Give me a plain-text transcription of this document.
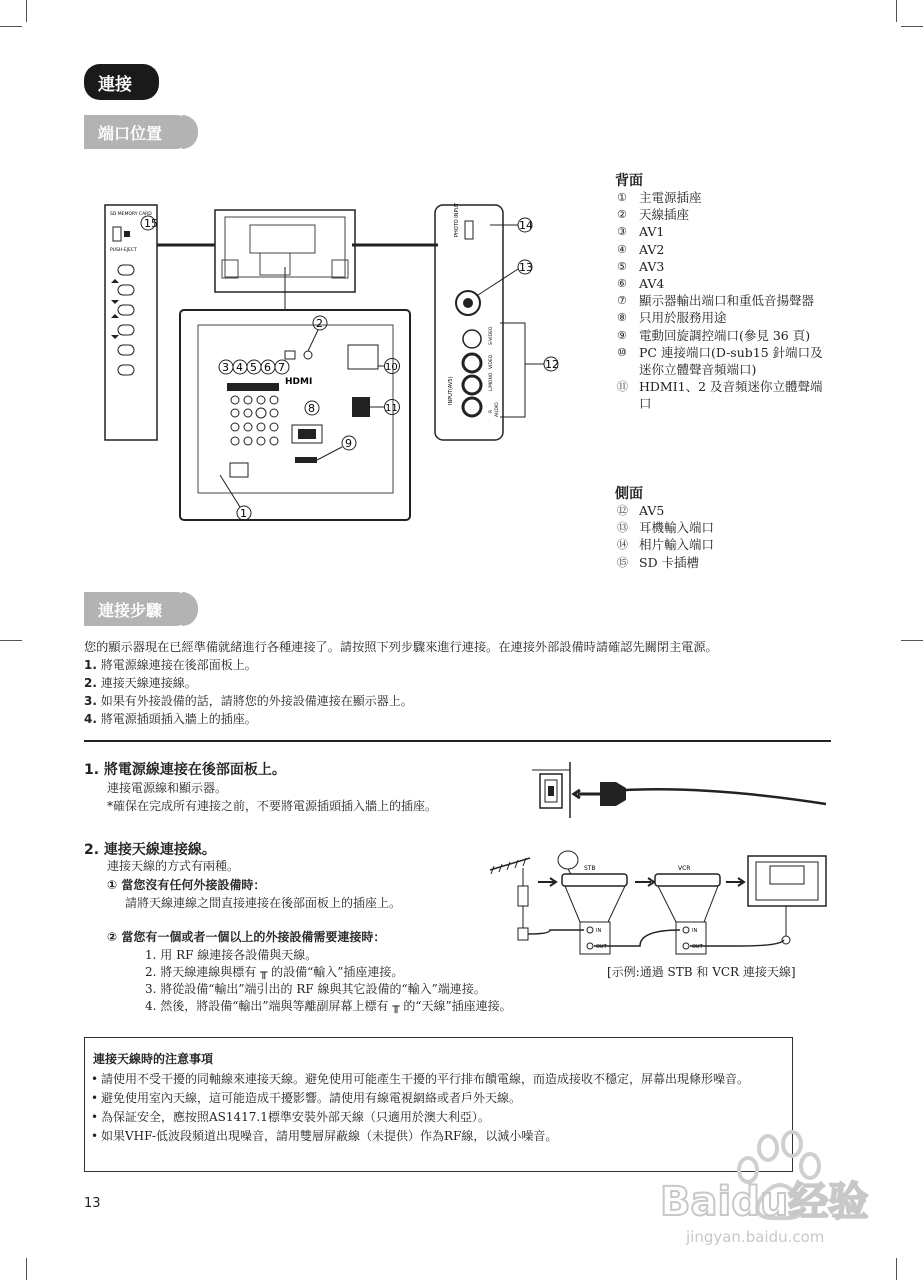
連接
端口位置
SD MEMORY CARD
PUSH-EJECT
15	PHOTO INPUT
INPUT(AV5)
S-VIDEO
VIDEO
L/MONO
R AUDIO
14
13
12
2
HDMI
3 4 5 6 7
8
9
10
11
1
背面
① 主電源插座
② 天線插座
③ AV1
④ AV2
⑤ AV3
⑥ AV4
⑦ 顯示器輸出端口和重低音揚聲器
⑧ 只用於服務用途
⑨ 電動回旋調控端口(參見 36 頁)
⑩ PC 連接端口(D-sub15 針端口及迷你立體聲音頻端口)
⑪ HDMI1、2 及音頻迷你立體聲端口
側面
⑫ AV5
⑬ 耳機輸入端口
⑭ 相片輸入端口
⑮ SD 卡插槽
連接步驟
您的顯示器現在已經準備就緒進行各種連接了。請按照下列步驟來進行連接。在連接外部設備時請確認先關閉主電源。
1. 將電源線連接在後部面板上。
2. 連接天線連接線。
3. 如果有外接設備的話，請將您的外接設備連接在顯示器上。
4. 將電源插頭插入牆上的插座。
1. 將電源線連接在後部面板上。
連接電源線和顯示器。
*確保在完成所有連接之前，不要將電源插頭插入牆上的插座。
2. 連接天線連接線。
連接天線的方式有兩種。
① 當您沒有任何外接設備時：
請將天線連線之間直接連接在後部面板上的插座上。
② 當您有一個或者一個以上的外接設備需要連接時：
1. 用 RF 線連接各設備與天線。
2. 將天線連線與標有 ╥ 的設備“輸入”插座連接。
3. 將從設備“輸出”端引出的 RF 線與其它設備的“輸入”端連接。
4. 然後，將設備“輸出”端與等離副屏幕上標有 ╥ 的“天線”插座連接。
[示例:通過 STB 和 VCR 連接天線]
STB	VCR
IN
OUT
IN
OUT
連接天線時的注意事項
• 請使用不受干擾的同軸線來連接天線。避免使用可能產生干擾的平行排布饋電線，而造成接收不穩定，屏幕出現條形噪音。
• 避免使用室內天線，這可能造成干擾影響。請使用有線電視網絡或者戶外天線。
• 為保証安全，應按照AS1417.1標準安裝外部天線（只適用於澳大利亞）。
• 如果VHF-低波段頻道出現噪音，請用雙層屏蔽線（未提供）作為RF線，以減小噪音。
13	Baidu经验
jingyan.baidu.com
